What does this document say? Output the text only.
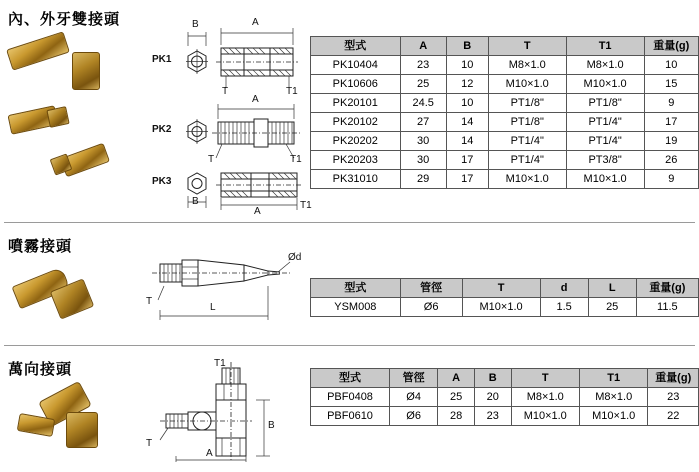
內、外牙雙接頭
PK1
PK2
PK3
B	A
T	T1
A
T	T1
B
A
T1
型式	A	B	T	T1	重量(g)
PK10404	23	10	M8×1.0	M8×1.0	10
PK10606	25	12	M10×1.0	M10×1.0	15
PK20101	24.5	10	PT1/8"	PT1/8"	9
PK20102	27	14	PT1/8"	PT1/4"	17
PK20202	30	14	PT1/4"	PT1/4"	19
PK20203	30	17	PT1/4"	PT3/8"	26
PK31010	29	17	M10×1.0	M10×1.0	9
噴霧接頭
T
L
Ød
型式	管徑	T	d	L	重量(g)
YSM008	Ø6	M10×1.0	1.5	25	11.5
萬向接頭	T1
T
A
B
型式	管徑	A	B	T	T1	重量(g)
PBF0408	Ø4	25	20	M8×1.0	M8×1.0	23
PBF0610	Ø6	28	23	M10×1.0	M10×1.0	22
